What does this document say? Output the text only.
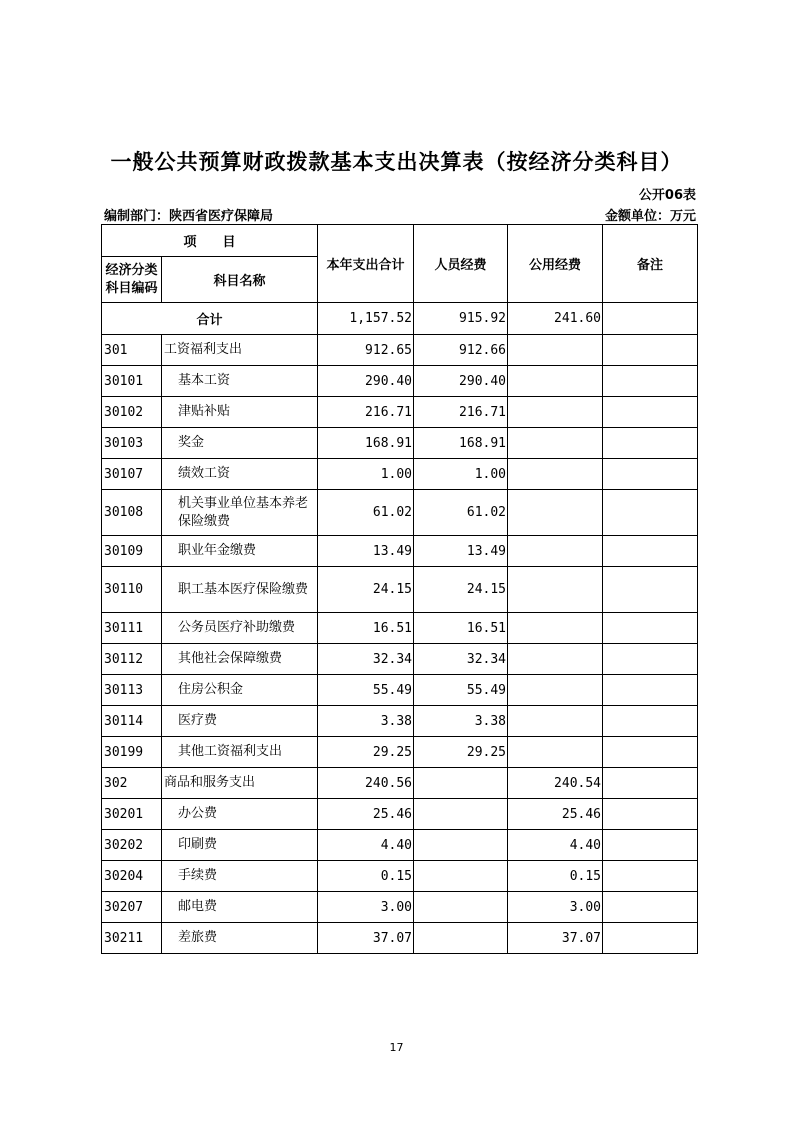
一般公共预算财政拨款基本支出决算表（按经济分类科目）
公开06表
编制部门：陕西省医疗保障局	金额单位：万元
项　　目		本年支出合计	人员经费	公用经费	备注

经济分类
科目编码	科目名称				
合计		1,157.52	915.92	241.60	
301	工资福利支出	912.65	912.66		
30101	基本工资	290.40	290.40		
30102	津贴补贴	216.71	216.71		
30103	奖金	168.91	168.91		
30107	绩效工资	1.00	1.00		
30108	机关事业单位基本养老保险缴费	61.02	61.02		
30109	职业年金缴费	13.49	13.49		
30110	职工基本医疗保险缴费	24.15	24.15		
30111	公务员医疗补助缴费	16.51	16.51		
30112	其他社会保障缴费	32.34	32.34		
30113	住房公积金	55.49	55.49		
30114	医疗费	3.38	3.38		
30199	其他工资福利支出	29.25	29.25		
302	商品和服务支出	240.56		240.54	
30201	办公费	25.46		25.46	
30202	印刷费	4.40		4.40	
30204	手续费	0.15		0.15	
30207	邮电费	3.00		3.00	
30211	差旅费	37.07		37.07	
17
